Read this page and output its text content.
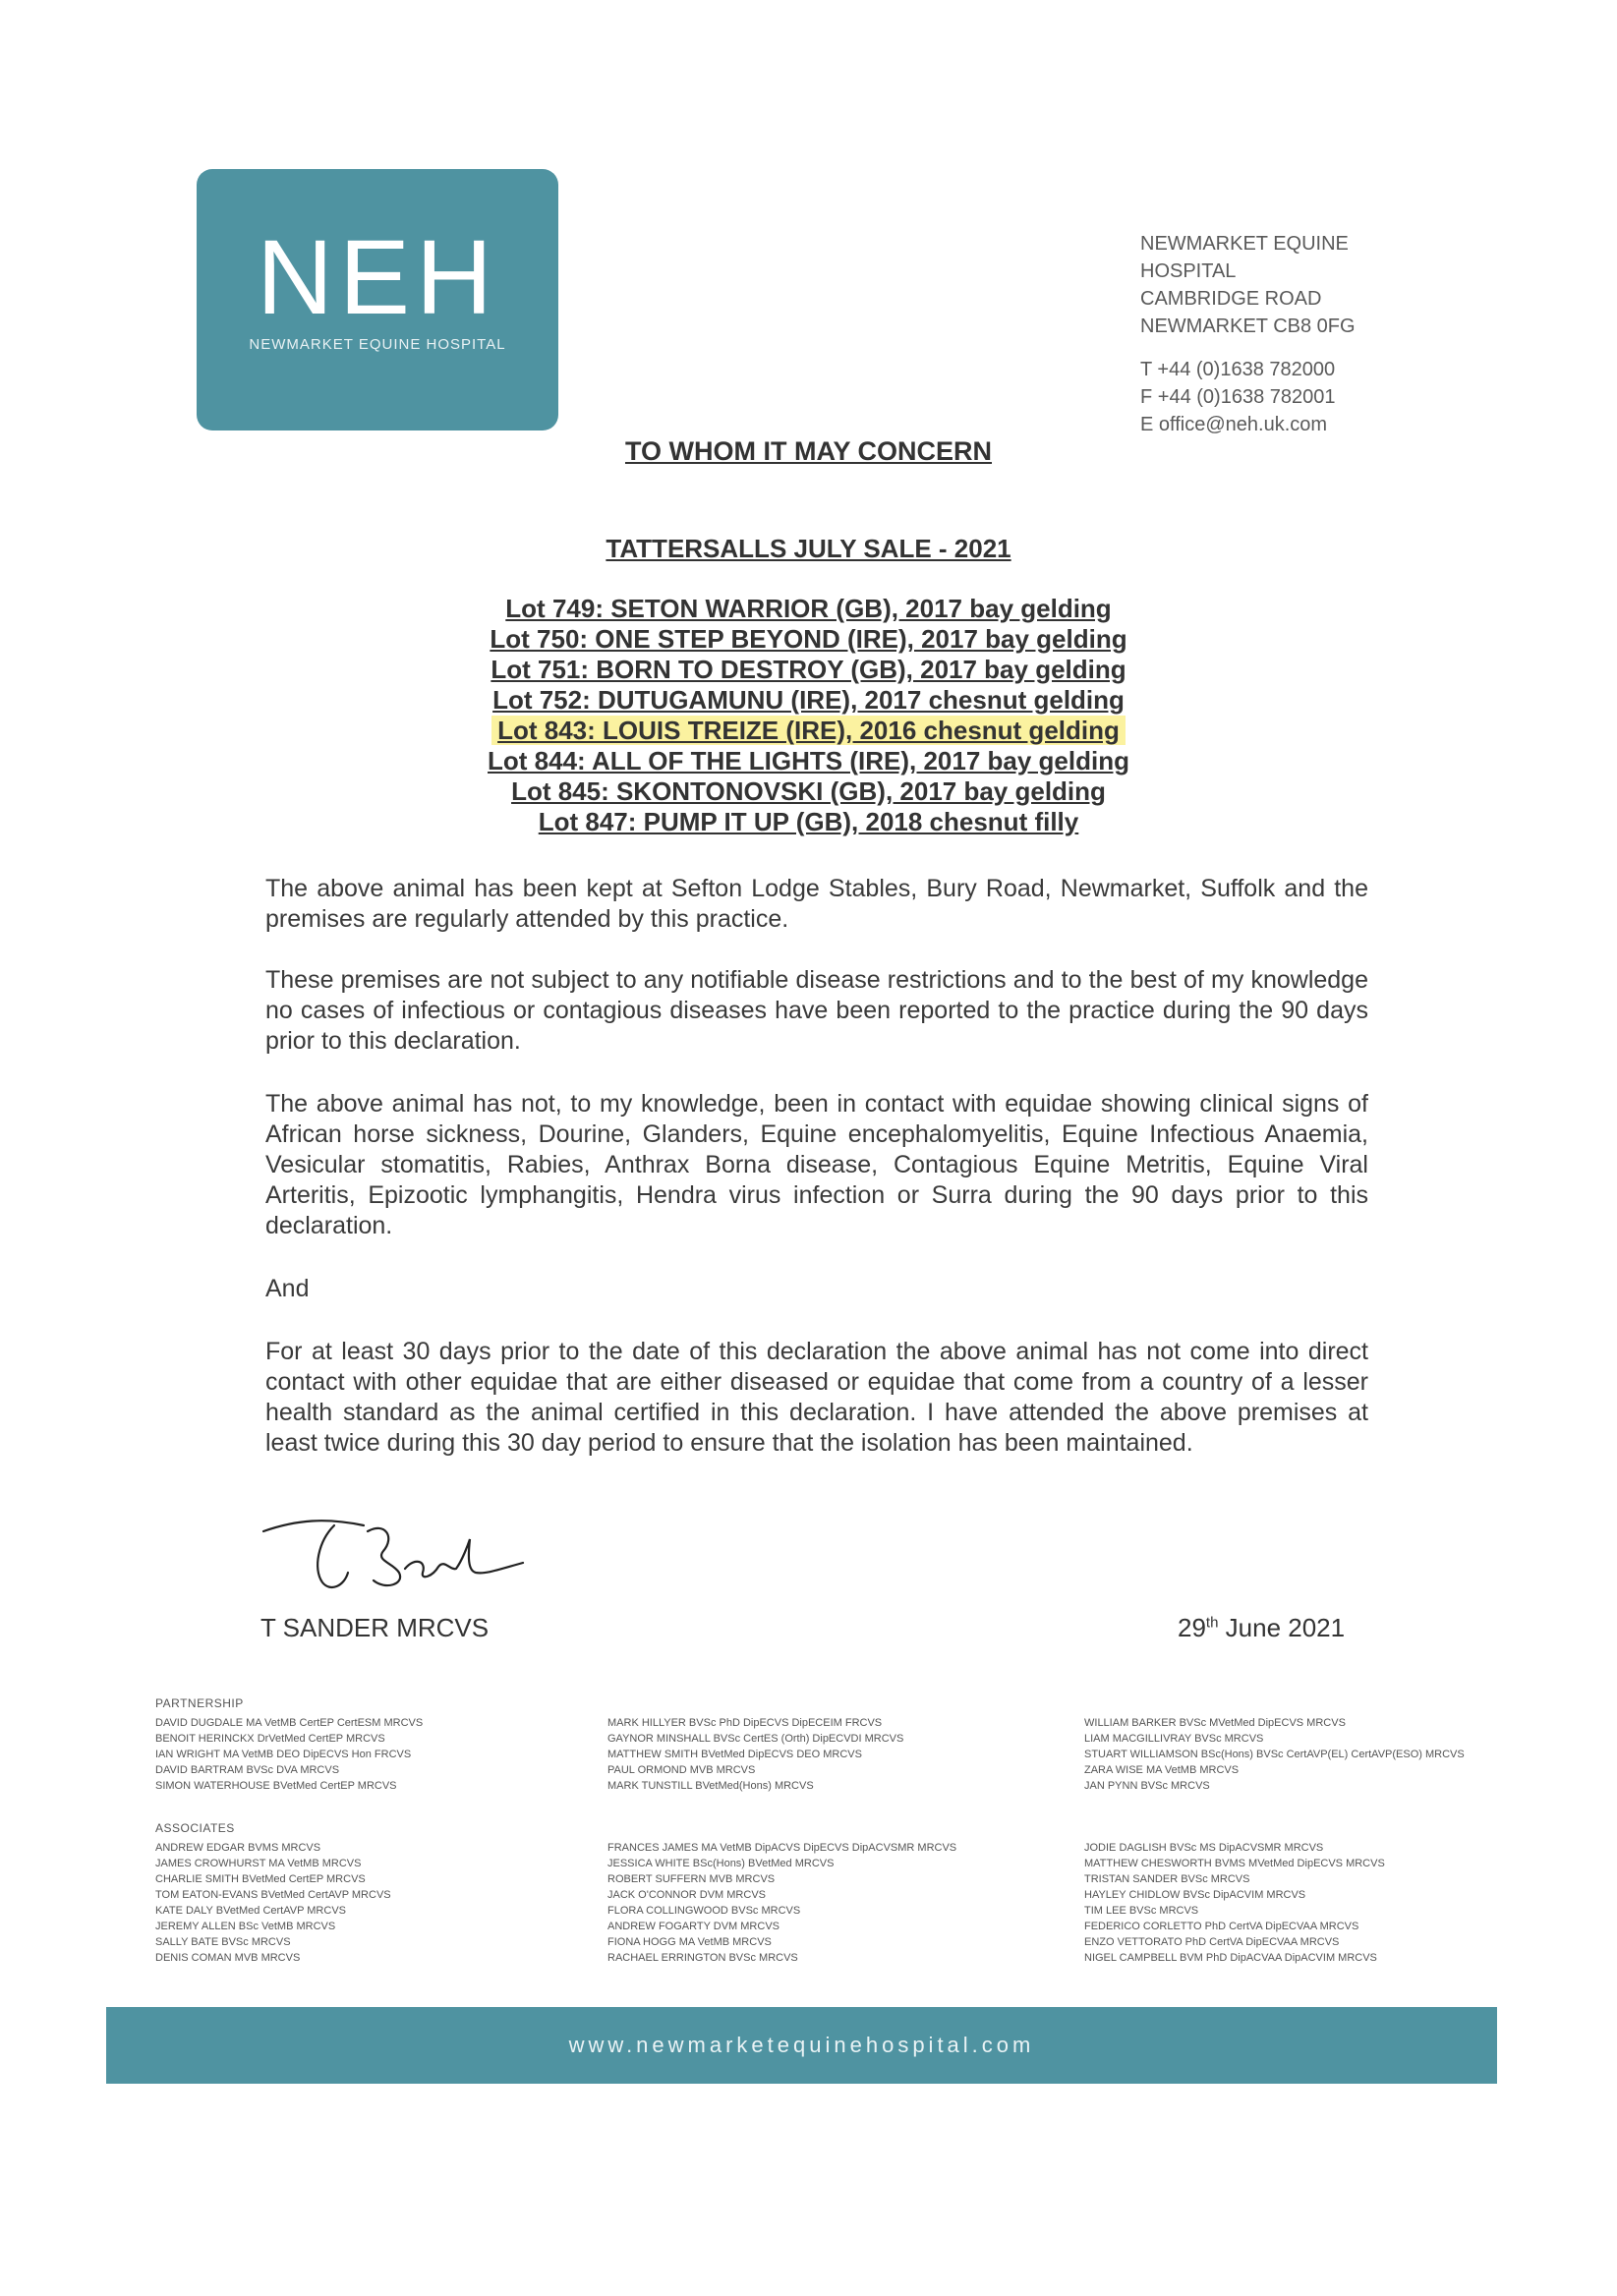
NEH
NEWMARKET EQUINE HOSPITAL
NEWMARKET EQUINE HOSPITAL
CAMBRIDGE ROAD
NEWMARKET CB8 0FG
T +44 (0)1638 782000
F +44 (0)1638 782001
E office@neh.uk.com
TO WHOM IT MAY CONCERN
TATTERSALLS JULY SALE - 2021
Lot 749: SETON WARRIOR (GB), 2017 bay gelding
Lot 750: ONE STEP BEYOND (IRE), 2017 bay gelding
Lot 751: BORN TO DESTROY (GB), 2017 bay gelding
Lot 752: DUTUGAMUNU (IRE), 2017 chesnut gelding
Lot 843: LOUIS TREIZE (IRE), 2016 chesnut gelding
Lot 844: ALL OF THE LIGHTS (IRE), 2017 bay gelding
Lot 845: SKONTONOVSKI (GB), 2017 bay gelding
Lot 847: PUMP IT UP (GB), 2018 chesnut filly
The above animal has been kept at Sefton Lodge Stables, Bury Road, Newmarket, Suffolk and the premises are regularly attended by this practice.
These premises are not subject to any notifiable disease restrictions and to the best of my knowledge no cases of infectious or contagious diseases have been reported to the practice during the 90 days prior to this declaration.
The above animal has not, to my knowledge, been in contact with equidae showing clinical signs of African horse sickness, Dourine, Glanders, Equine encephalomyelitis, Equine Infectious Anaemia, Vesicular stomatitis, Rabies, Anthrax Borna disease, Contagious Equine Metritis, Equine Viral Arteritis, Epizootic lymphangitis, Hendra virus infection or Surra during the 90 days prior to this declaration.
And
For at least 30 days prior to the date of this declaration the above animal has not come into direct contact with other equidae that are either diseased or equidae that come from a country of a lesser health standard as the animal certified in this declaration. I have attended the above premises at least twice during this 30 day period to ensure that the isolation has been maintained.
T SANDER MRCVS	29th June 2021
PARTNERSHIP
DAVID DUGDALE MA VetMB CertEP CertESM MRCVS
BENOIT HERINCKX DrVetMed CertEP MRCVS
IAN WRIGHT MA VetMB DEO DipECVS Hon FRCVS
DAVID BARTRAM BVSc DVA MRCVS
SIMON WATERHOUSE BVetMed CertEP MRCVS
MARK HILLYER BVSc PhD DipECVS DipECEIM FRCVS
GAYNOR MINSHALL BVSc CertES (Orth) DipECVDI MRCVS
MATTHEW SMITH BVetMed DipECVS DEO MRCVS
PAUL ORMOND MVB MRCVS
MARK TUNSTILL BVetMed(Hons) MRCVS
WILLIAM BARKER BVSc MVetMed DipECVS MRCVS
LIAM MACGILLIVRAY BVSc MRCVS
STUART WILLIAMSON BSc(Hons) BVSc CertAVP(EL) CertAVP(ESO) MRCVS
ZARA WISE MA VetMB MRCVS
JAN PYNN BVSc MRCVS
ASSOCIATES
ANDREW EDGAR BVMS MRCVS
JAMES CROWHURST MA VetMB MRCVS
CHARLIE SMITH BVetMed CertEP MRCVS
TOM EATON-EVANS BVetMed CertAVP MRCVS
KATE DALY BVetMed CertAVP MRCVS
JEREMY ALLEN BSc VetMB MRCVS
SALLY BATE BVSc MRCVS
DENIS COMAN MVB MRCVS
FRANCES JAMES MA VetMB DipACVS DipECVS DipACVSMR MRCVS
JESSICA WHITE BSc(Hons) BVetMed MRCVS
ROBERT SUFFERN MVB MRCVS
JACK O'CONNOR DVM MRCVS
FLORA COLLINGWOOD BVSc MRCVS
ANDREW FOGARTY DVM MRCVS
FIONA HOGG MA VetMB MRCVS
RACHAEL ERRINGTON BVSc MRCVS
JODIE DAGLISH BVSc MS DipACVSMR MRCVS
MATTHEW CHESWORTH BVMS MVetMed DipECVS MRCVS
TRISTAN SANDER BVSc MRCVS
HAYLEY CHIDLOW BVSc DipACVIM MRCVS
TIM LEE BVSc MRCVS
FEDERICO CORLETTO PhD CertVA DipECVAA MRCVS
ENZO VETTORATO PhD CertVA DipECVAA MRCVS
NIGEL CAMPBELL BVM PhD DipACVAA DipACVIM MRCVS
www.newmarketequinehospital.com
